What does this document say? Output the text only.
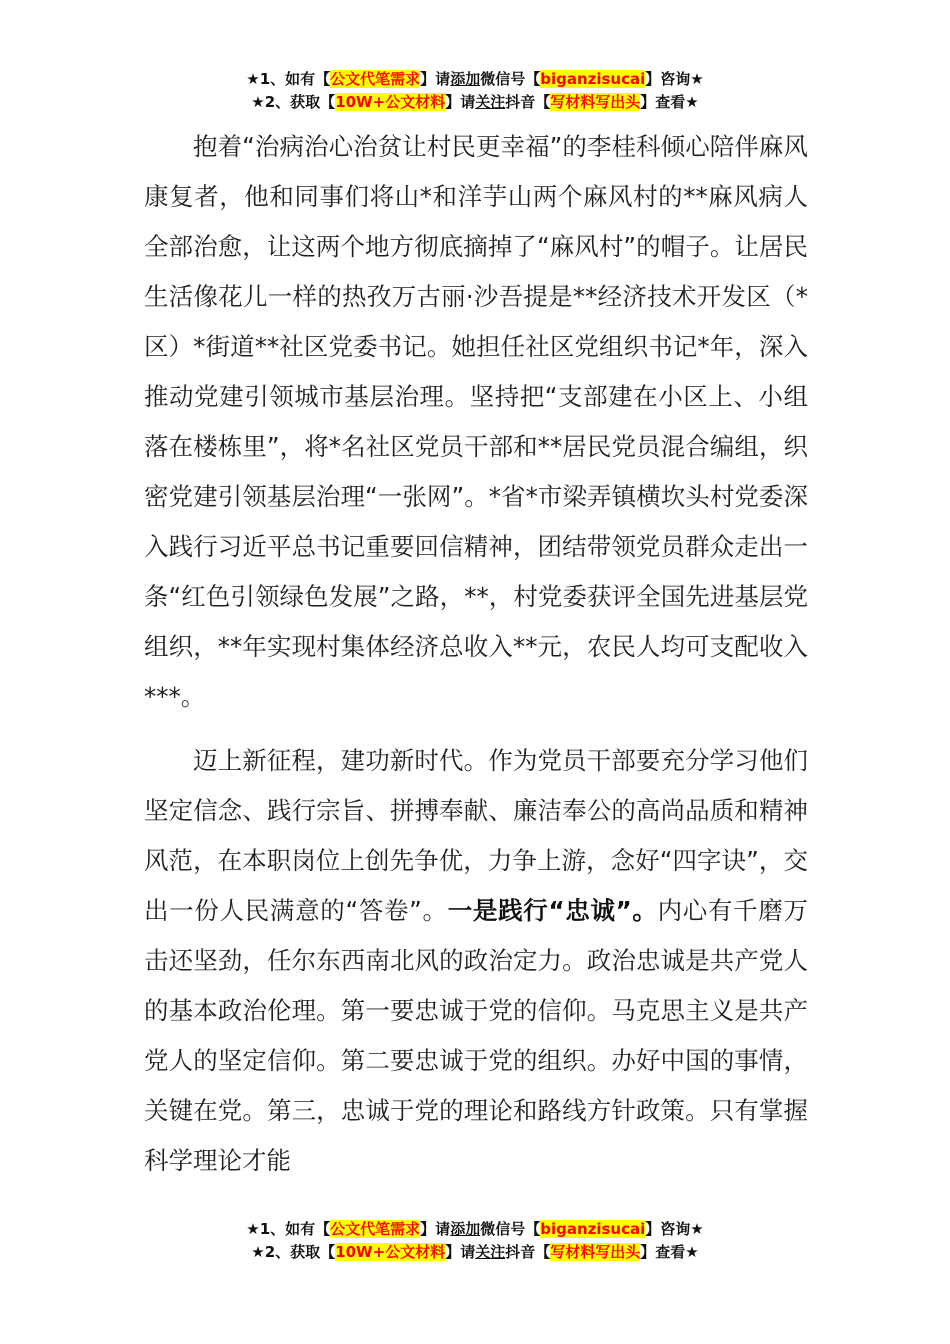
★1、如有【公文代笔需求】请添加微信号【biganzisucai】咨询★
★2、获取【10W+公文材料】请关注抖音【写材料写出头】查看★

抱着“治病治心治贫让村民更幸福”的李桂科倾心陪伴麻风康复者，他和同事们将山*和洋芋山两个麻风村的**麻风病人全部治愈，让这两个地方彻底摘掉了“麻风村”的帽子。让居民生活像花儿一样的热孜万古丽·沙吾提是**经济技术开发区（*区）*街道**社区党委书记。她担任社区党组织书记*年，深入推动党建引领城市基层治理。坚持把“支部建在小区上、小组落在楼栋里”，将*名社区党员干部和**居民党员混合编组，织密党建引领基层治理“一张网”。*省*市梁弄镇横坎头村党委深入践行习近平总书记重要回信精神，团结带领党员群众走出一条“红色引领绿色发展”之路，**，村党委获评全国先进基层党组织，**年实现村集体经济总收入**元，农民人均可支配收入***。

迈上新征程，建功新时代。作为党员干部要充分学习他们坚定信念、践行宗旨、拼搏奉献、廉洁奉公的高尚品质和精神风范，在本职岗位上创先争优，力争上游，念好“四字诀”，交出一份人民满意的“答卷”。一是践行“忠诚”。内心有千磨万击还坚劲，任尔东西南北风的政治定力。政治忠诚是共产党人的基本政治伦理。第一要忠诚于党的信仰。马克思主义是共产党人的坚定信仰。第二要忠诚于党的组织。办好中国的事情，关键在党。第三，忠诚于党的理论和路线方针政策。只有掌握科学理论才能

★1、如有【公文代笔需求】请添加微信号【biganzisucai】咨询★
★2、获取【10W+公文材料】请关注抖音【写材料写出头】查看★
